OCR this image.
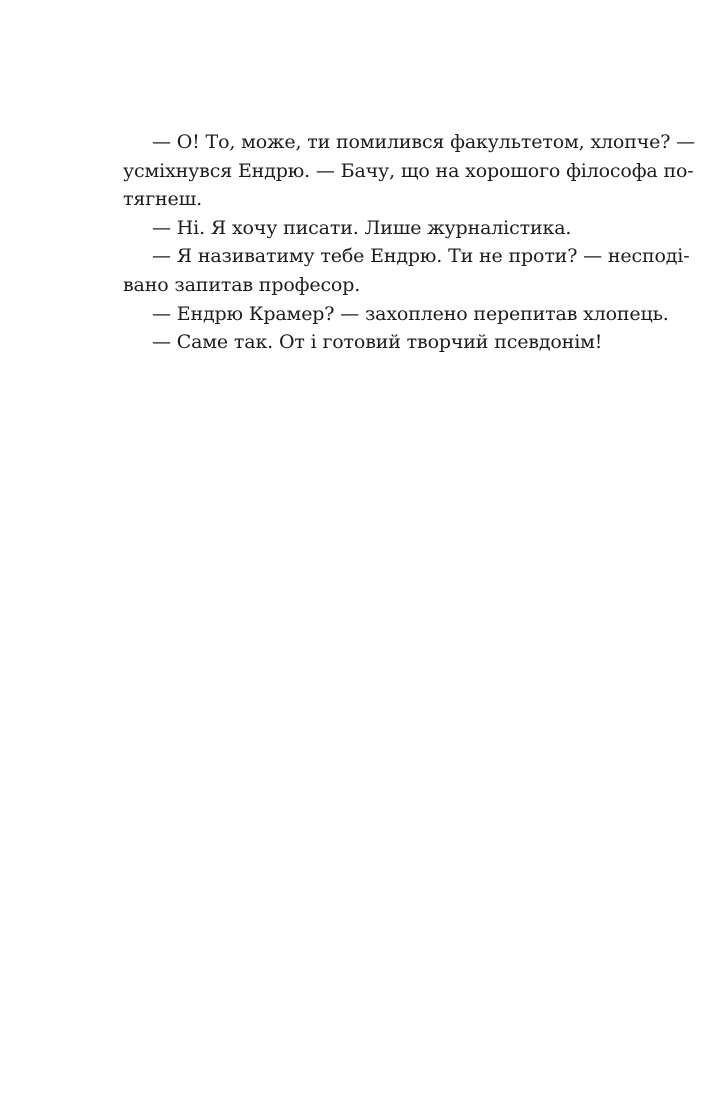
— О! То, може, ти помилився факультетом, хлопче? —
усміхнувся Ендрю. — Бачу, що на хорошого філософа по-
тягнеш.
— Ні. Я хочу писати. Лише журналістика.
— Я називатиму тебе Ендрю. Ти не проти? — несподі-
вано запитав професор.
— Ендрю Крамер? — захоплено перепитав хлопець.
— Саме так. От і готовий творчий псевдонім!
